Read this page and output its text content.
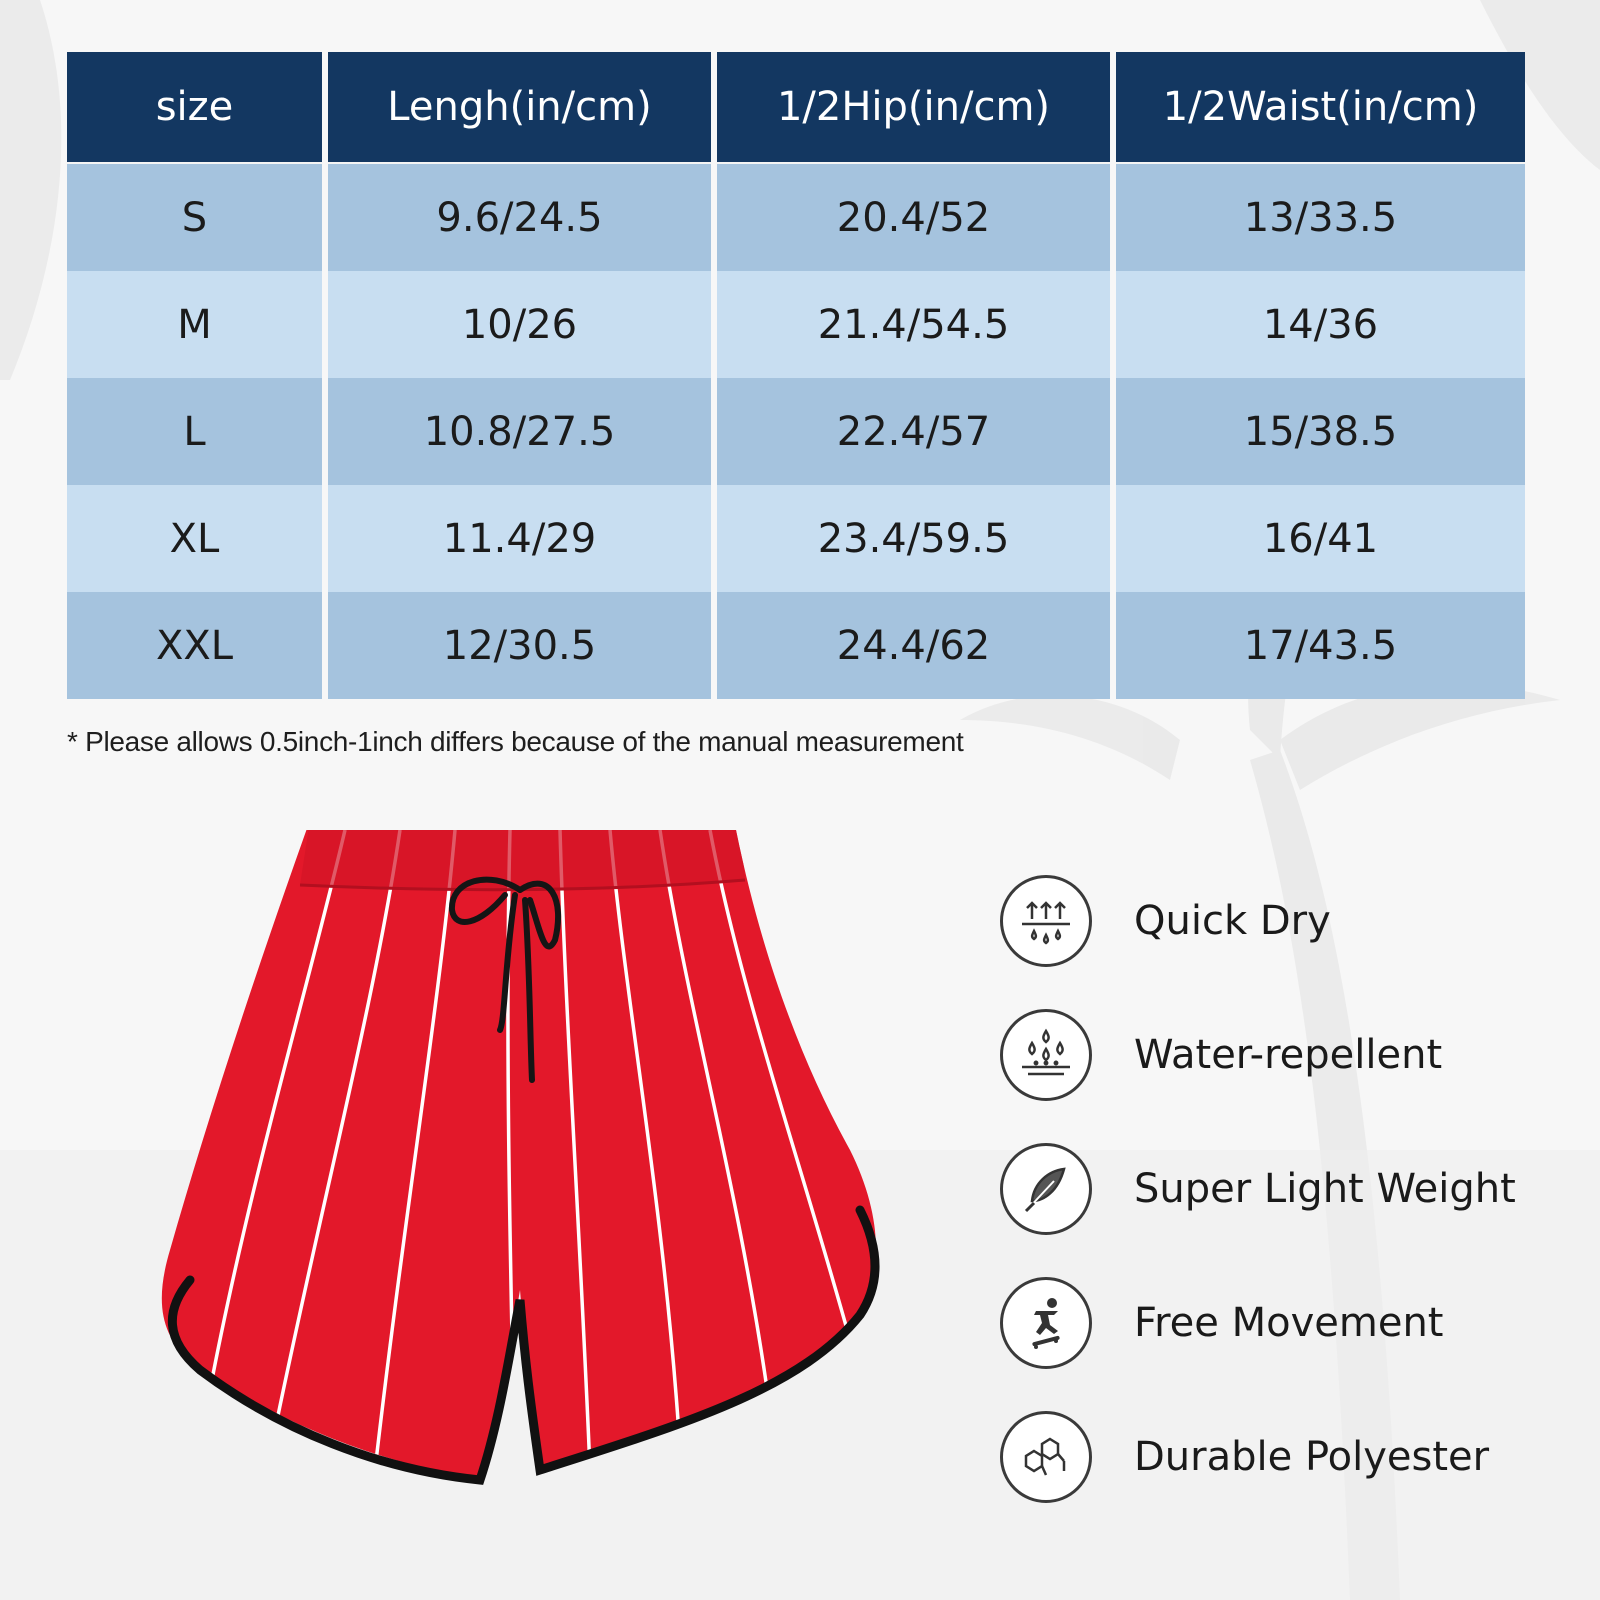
size	Lengh(in/cm)	1/2Hip(in/cm)	1/2Waist(in/cm)
S	9.6/24.5	20.4/52	13/33.5
M	10/26	21.4/54.5	14/36
L	10.8/27.5	22.4/57	15/38.5
XL	11.4/29	23.4/59.5	16/41
XXL	12/30.5	24.4/62	17/43.5
* Please allows 0.5inch-1inch differs because of the manual measurement
Quick Dry
Water-repellent
Super Light Weight
Free Movement
Durable Polyester
